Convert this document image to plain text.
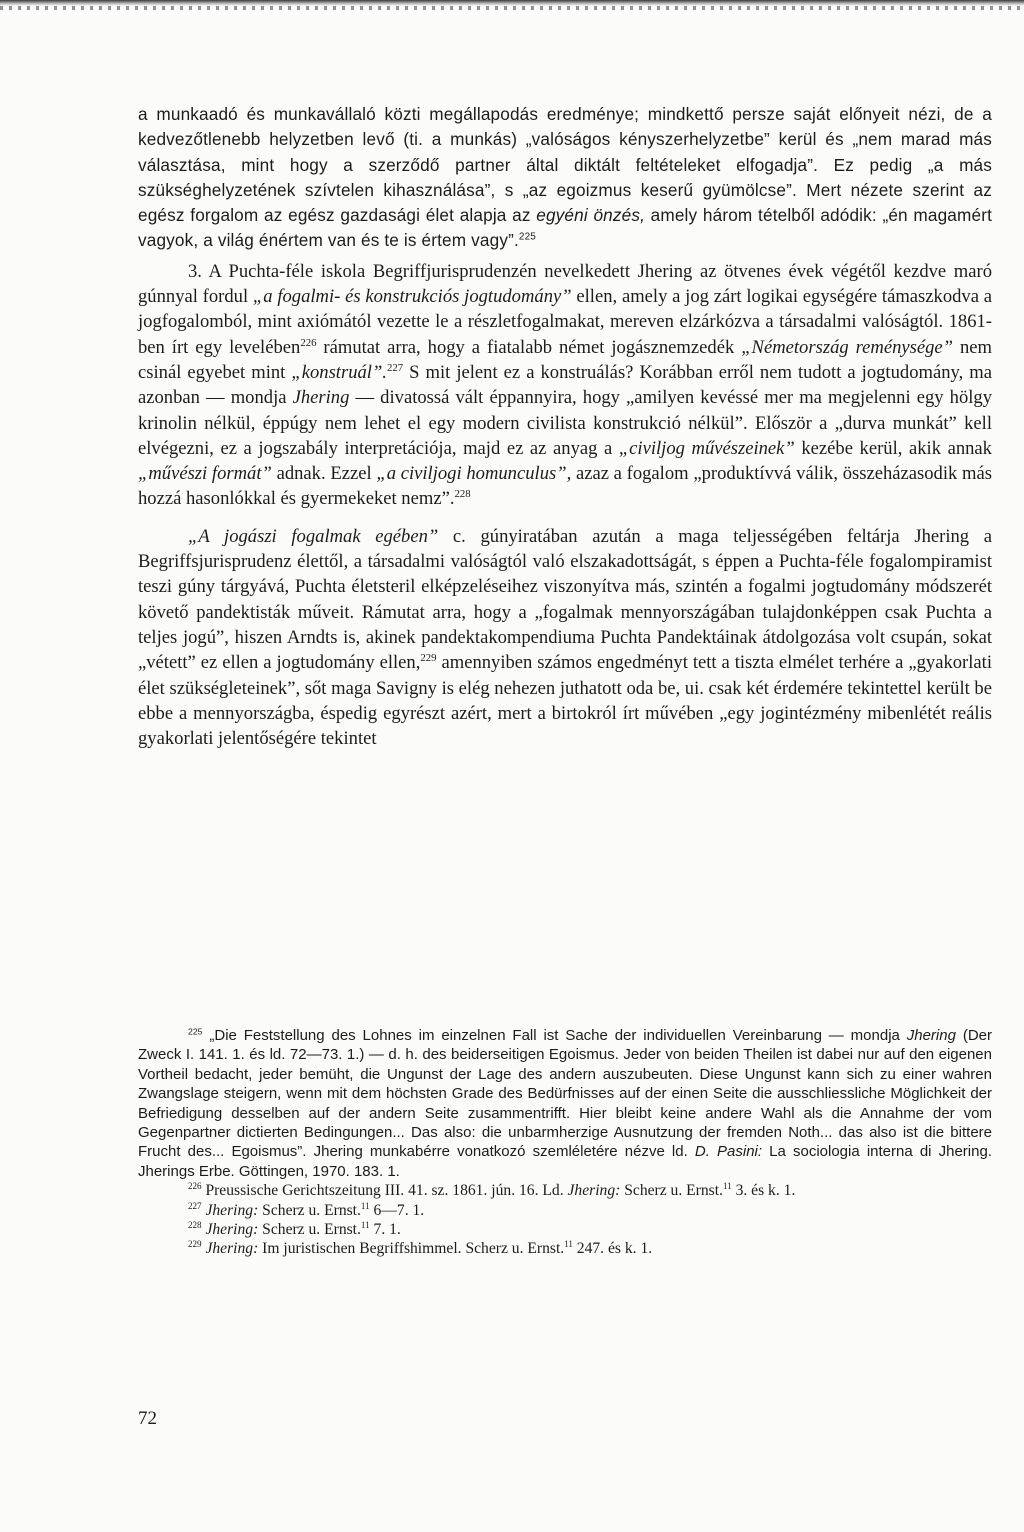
a munkaadó és munkavállaló közti megállapodás eredménye; mindkettő persze saját előnyeit nézi, de a kedvezőtlenebb helyzetben levő (ti. a munkás) „valóságos kényszerhelyzetbe” kerül és „nem marad más választása, mint hogy a szerződő partner által diktált feltételeket elfogadja”. Ez pedig „a más szükséghelyzetének szívtelen kihasználása”, s „az egoizmus keserű gyümölcse”. Mert nézete szerint az egész forgalom az egész gazdasági élet alapja az egyéni önzés, amely három tételből adódik: „én magamért vagyok, a világ énértem van és te is értem vagy”.$^{225}$

3. A Puchta-féle iskola Begriffjurisprudenzén nevelkedett Jhering az ötvenes évek végétől kezdve maró gúnnyal fordul „a fogalmi- és konstrukciós jogtudomány” ellen, amely a jog zárt logikai egységére támaszkodva a jogfogalomból, mint axiómától vezette le a részletfogalmakat, mereven elzárkózva a társadalmi valóságtól. 1861-ben írt egy levelében$^{226}$ rámutat arra, hogy a fiatalabb német jogásznemzedék „Németország reménysége” nem csinál egyebet mint „konstruál”.$^{227}$ S mit jelent ez a konstruálás? Korábban erről nem tudott a jogtudomány, ma azonban — mondja Jhering — divatossá vált éppannyira, hogy „amilyen kevéssé mer ma megjelenni egy hölgy krinolin nélkül, éppúgy nem lehet el egy modern civilista konstrukció nélkül”. Először a „durva munkát” kell elvégezni, ez a jogszabály interpretációja, majd ez az anyag a „civiljog művészeinek” kezébe kerül, akik annak „művészi formát” adnak. Ezzel „a civiljogi homunculus”, azaz a fogalom „produktívvá válik, összeházasodik más hozzá hasonlókkal és gyermekeket nemz”.$^{228}$

„A jogászi fogalmak egében” c. gúnyiratában azután a maga teljességében feltárja Jhering a Begriffsjurisprudenz élettől, a társadalmi valóságtól való elszakadottságát, s éppen a Puchta-féle fogalompiramist teszi gúny tárgyává, Puchta életsteril elképzeléseihez viszonyítva más, szintén a fogalmi jogtudomány módszerét követő pandektisták műveit. Rámutat arra, hogy a „fogalmak mennyországában tulajdonképpen csak Puchta a teljes jogú”, hiszen Arndts is, akinek pandektakompendiuma Puchta Pandektáinak átdolgozása volt csupán, sokat „vétett” ez ellen a jogtudomány ellen,$^{229}$ amennyiben számos engedményt tett a tiszta elmélet terhére a „gyakorlati élet szükségleteinek”, sőt maga Savigny is elég nehezen juthatott oda be, ui. csak két érdemére tekintettel került be ebbe a mennyországba, éspedig egyrészt azért, mert a birtokról írt művében „egy jogintézmény mibenlétét reális gyakorlati jelentőségére tekintet

$^{225}$ „Die Feststellung des Lohnes im einzelnen Fall ist Sache der individuellen Vereinbarung — mondja Jhering (Der Zweck I. 141. 1. és ld. 72—73. 1.) — d. h. des beiderseitigen Egoismus. Jeder von beiden Theilen ist dabei nur auf den eigenen Vortheil bedacht, jeder bemüht, die Ungunst der Lage des andern auszubeuten. Diese Ungunst kann sich zu einer wahren Zwangslage steigern, wenn mit dem höchsten Grade des Bedürfnisses auf der einen Seite die ausschliessliche Möglichkeit der Befriedigung desselben auf der andern Seite zusammentrifft. Hier bleibt keine andere Wahl als die Annahme der vom Gegenpartner dictierten Bedingungen... Das also: die unbarmherzige Ausnutzung der fremden Noth... das also ist die bittere Frucht des... Egoismus”. Jhering munkabérre vonatkozó szemléletére nézve ld. D. Pasini: La sociologia interna di Jhering. Jherings Erbe. Göttingen, 1970. 183. 1.

$^{226}$ Preussische Gerichtszeitung III. 41. sz. 1861. jún. 16. Ld. Jhering: Scherz u. Ernst.$^{11}$ 3. és k. 1.

$^{227}$ Jhering: Scherz u. Ernst.$^{11}$ 6—7. 1.

$^{228}$ Jhering: Scherz u. Ernst.$^{11}$ 7. 1.

$^{229}$ Jhering: Im juristischen Begriffshimmel. Scherz u. Ernst.$^{11}$ 247. és k. 1.

72
